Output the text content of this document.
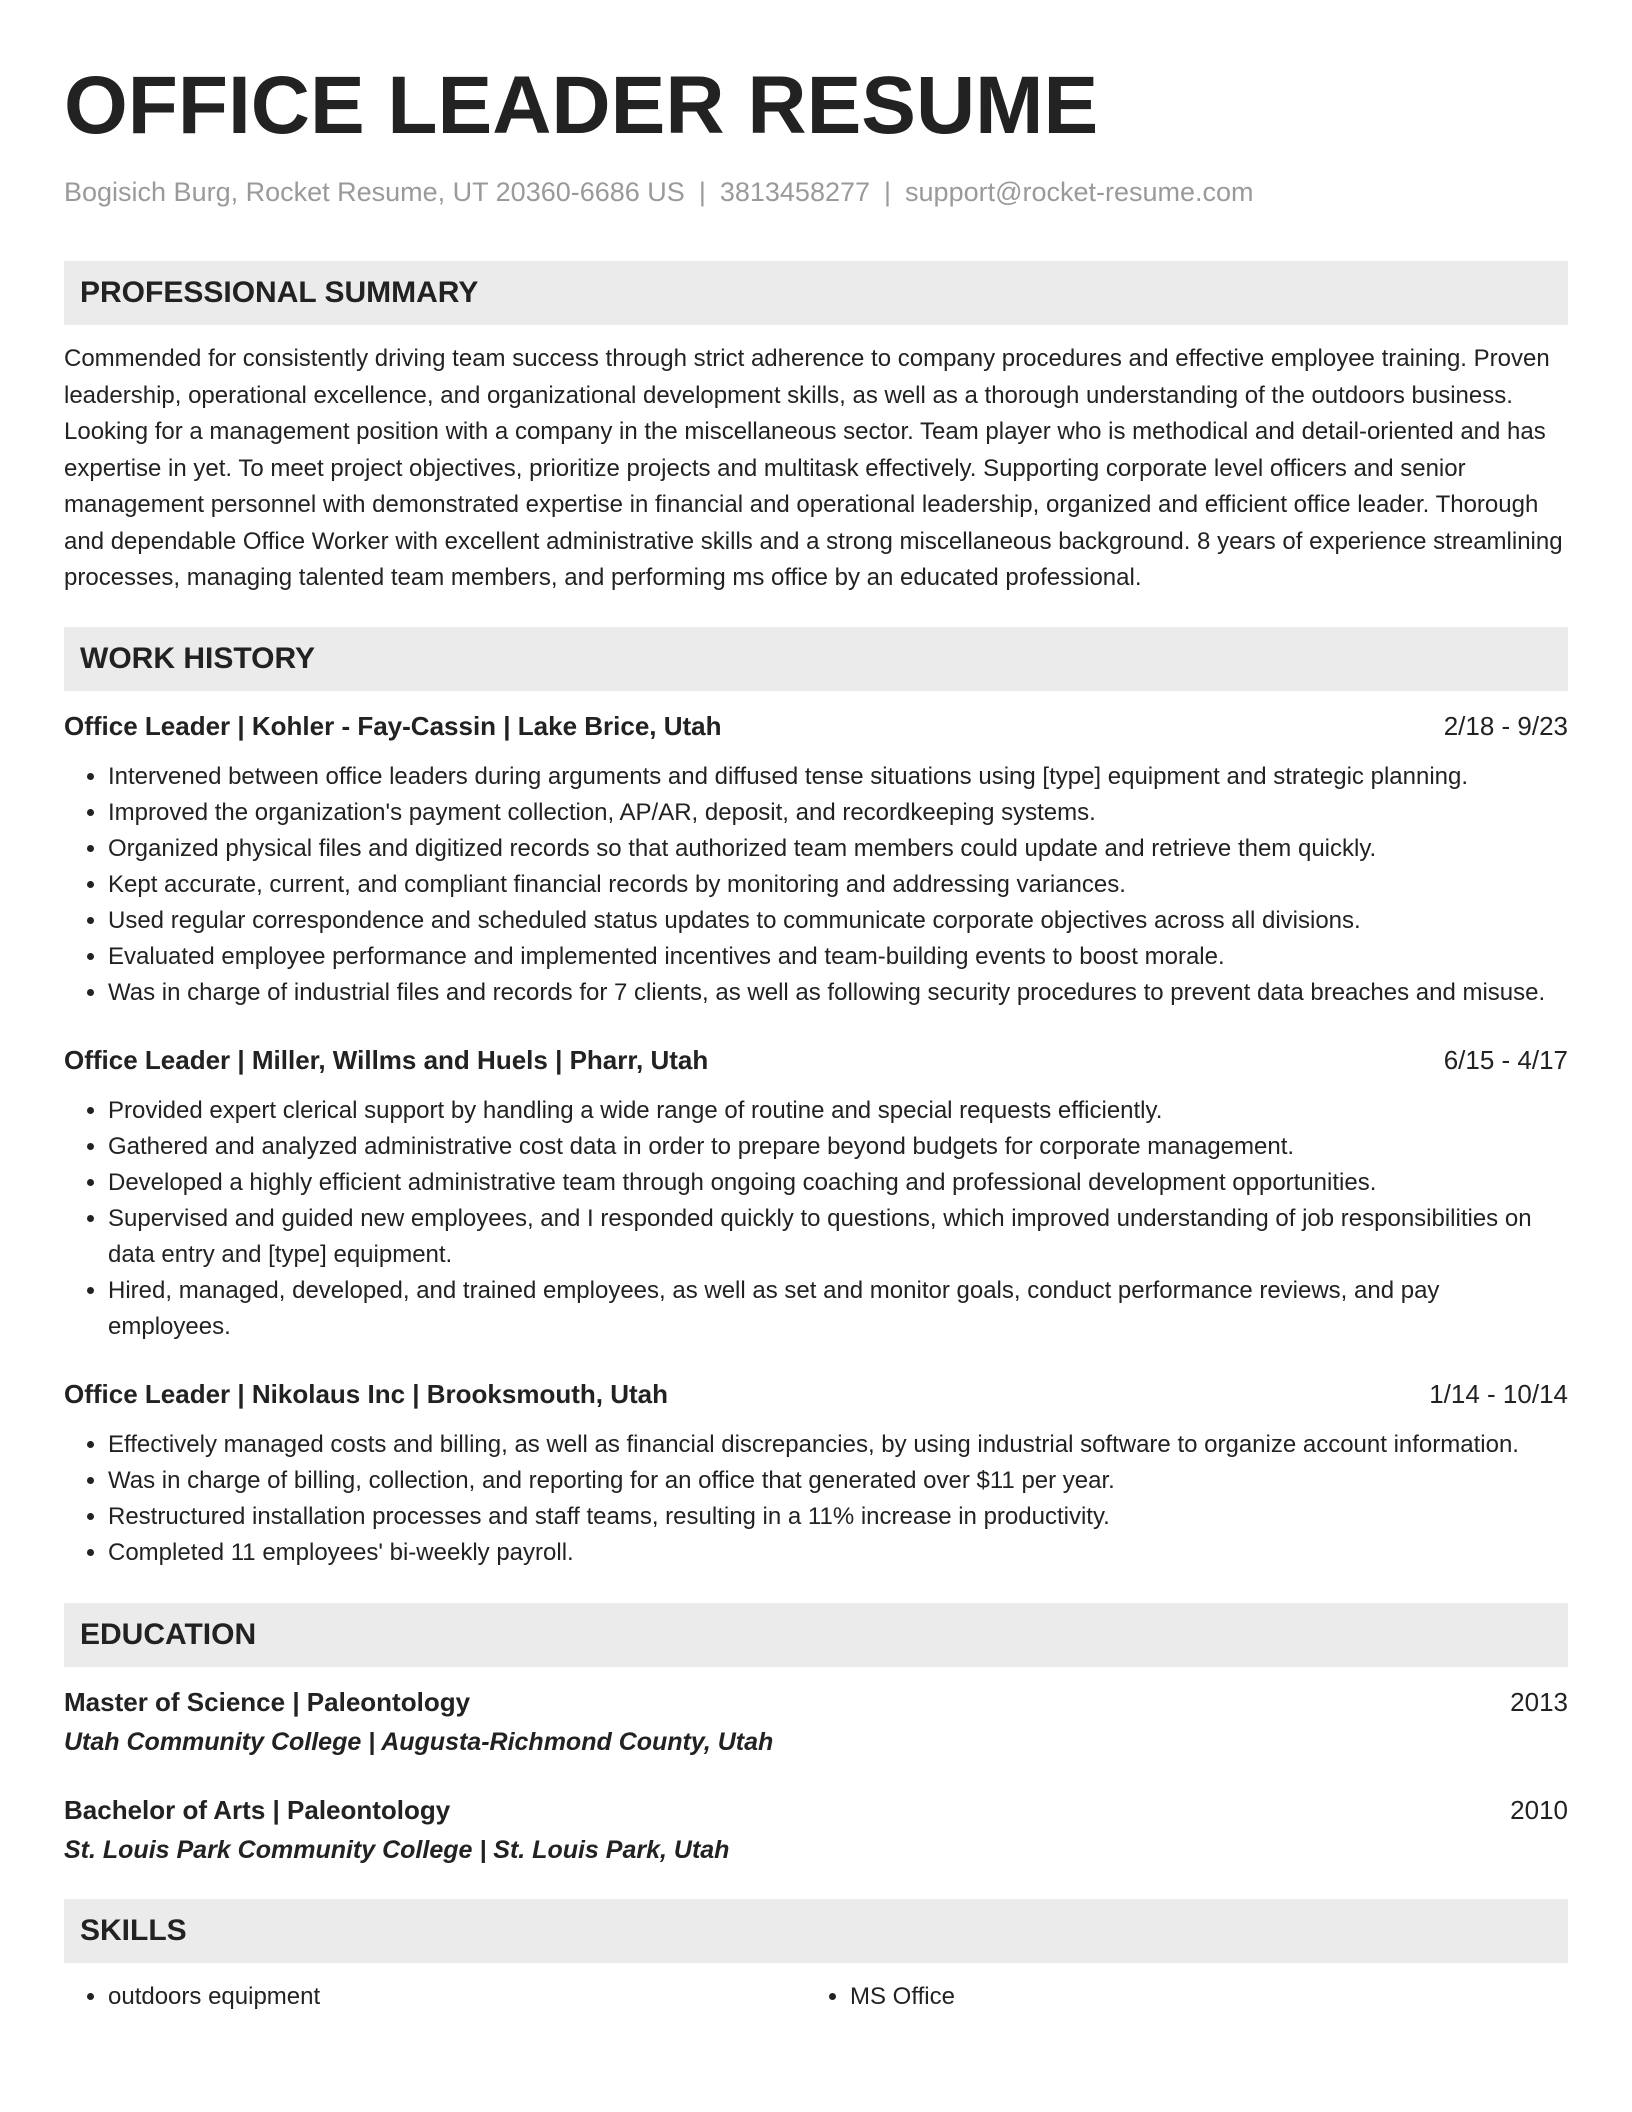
OFFICE LEADER RESUME
Bogisich Burg, Rocket Resume, UT 20360-6686 US | 3813458277 | support@rocket-resume.com
PROFESSIONAL SUMMARY

Commended for consistently driving team success through strict adherence to company procedures and effective employee training. Proven leadership, operational excellence, and organizational development skills, as well as a thorough understanding of the outdoors business. Looking for a management position with a company in the miscellaneous sector. Team player who is methodical and detail-oriented and has expertise in yet. To meet project objectives, prioritize projects and multitask effectively. Supporting corporate level officers and senior management personnel with demonstrated expertise in financial and operational leadership, organized and efficient office leader. Thorough and dependable Office Worker with excellent administrative skills and a strong miscellaneous background. 8 years of experience streamlining processes, managing talented team members, and performing ms office by an educated professional.

WORK HISTORY
Office Leader | Kohler - Fay-Cassin | Lake Brice, Utah	2/18 - 9/23
• Intervened between office leaders during arguments and diffused tense situations using [type] equipment and strategic planning.
• Improved the organization's payment collection, AP/AR, deposit, and recordkeeping systems.
• Organized physical files and digitized records so that authorized team members could update and retrieve them quickly.
• Kept accurate, current, and compliant financial records by monitoring and addressing variances.
• Used regular correspondence and scheduled status updates to communicate corporate objectives across all divisions.
• Evaluated employee performance and implemented incentives and team-building events to boost morale.
• Was in charge of industrial files and records for 7 clients, as well as following security procedures to prevent data breaches and misuse.
Office Leader | Miller, Willms and Huels | Pharr, Utah	6/15 - 4/17
• Provided expert clerical support by handling a wide range of routine and special requests efficiently.
• Gathered and analyzed administrative cost data in order to prepare beyond budgets for corporate management.
• Developed a highly efficient administrative team through ongoing coaching and professional development opportunities.
• Supervised and guided new employees, and I responded quickly to questions, which improved understanding of job responsibilities on data entry and [type] equipment.
• Hired, managed, developed, and trained employees, as well as set and monitor goals, conduct performance reviews, and pay employees.
Office Leader | Nikolaus Inc | Brooksmouth, Utah	1/14 - 10/14
• Effectively managed costs and billing, as well as financial discrepancies, by using industrial software to organize account information.
• Was in charge of billing, collection, and reporting for an office that generated over $11 per year.
• Restructured installation processes and staff teams, resulting in a 11% increase in productivity.
• Completed 11 employees' bi-weekly payroll.
EDUCATION
Master of Science | Paleontology	2013
Utah Community College | Augusta-Richmond County, Utah
Bachelor of Arts | Paleontology	2010
St. Louis Park Community College | St. Louis Park, Utah
SKILLS
• outdoors equipment
•	MS Office
